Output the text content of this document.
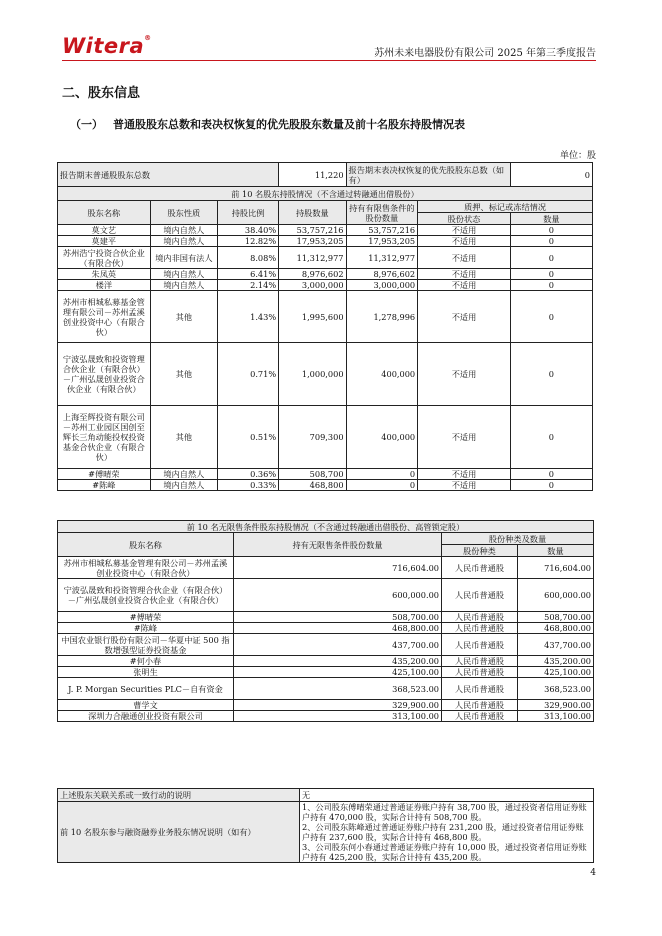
Witera®
苏州未来电器股份有限公司 2025 年第三季度报告
二、股东信息
（一） 普通股股东总数和表决权恢复的优先股股东数量及前十名股东持股情况表
单位：股
报告期末普通股股东总数			11,220	报告期末表决权恢复的优先股股东总数（如有）		0
前 10 名股东持股情况（不含通过转融通出借股份）						
股东名称	股东性质	持股比例	持股数量	持有有限售条件的股份数量	质押、标记或冻结情况	
					股份状态	数量
莫文艺	境内自然人	38.40%	53,757,216	53,757,216	不适用	0
莫建平	境内自然人	12.82%	17,953,205	17,953,205	不适用	0
苏州浩宁投资合伙企业（有限合伙）	境内非国有法人	8.08%	11,312,977	11,312,977	不适用	0
朱凤英	境内自然人	6.41%	8,976,602	8,976,602	不适用	0
楼洋	境内自然人	2.14%	3,000,000	3,000,000	不适用	0
苏州市相城私募基金管理有限公司－苏州孟溪创业投资中心（有限合伙）	其他	1.43%	1,995,600	1,278,996	不适用	0
宁波弘晟致和投资管理合伙企业（有限合伙）－广州弘晟创业投资合伙企业（有限合伙）	其他	0.71%	1,000,000	400,000	不适用	0
上海至辉投资有限公司－苏州工业园区国创至辉长三角动能投权投资基金合伙企业（有限合伙）	其他	0.51%	709,300	400,000	不适用	0
#傅晴荣	境内自然人	0.36%	508,700	0	不适用	0
#陈峰	境内自然人	0.33%	468,800	0	不适用	0
前 10 名无限售条件股东持股情况（不含通过转融通出借股份、高管锁定股）			
股东名称	持有无限售条件股份数量	股份种类及数量	
		股份种类	数量
苏州市相城私募基金管理有限公司－苏州孟溪创业投资中心（有限合伙）	716,604.00	人民币普通股	716,604.00
宁波弘晟致和投资管理合伙企业（有限合伙）－广州弘晟创业投资合伙企业（有限合伙）	600,000.00	人民币普通股	600,000.00
#傅晴荣	508,700.00	人民币普通股	508,700.00
#陈峰	468,800.00	人民币普通股	468,800.00
中国农业银行股份有限公司－华夏中证 500 指数增强型证券投资基金	437,700.00	人民币普通股	437,700.00
#何小春	435,200.00	人民币普通股	435,200.00
张明生	425,100.00	人民币普通股	425,100.00
J. P. Morgan Securities PLC－自有资金	368,523.00	人民币普通股	368,523.00
曹学文	329,900.00	人民币普通股	329,900.00
深圳力合融通创业投资有限公司	313,100.00	人民币普通股	313,100.00
上述股东关联关系或一致行动的说明	无
前 10 名股东参与融资融券业务股东情况说明（如有）	1、公司股东傅晴荣通过普通证券账户持有 38,700 股，通过投资者信用证券账户持有 470,000 股，实际合计持有 508,700 股。
2、公司股东陈峰通过普通证券账户持有 231,200 股，通过投资者信用证券账户持有 237,600 股，实际合计持有 468,800 股。
3、公司股东何小春通过普通证券账户持有 10,000 股，通过投资者信用证券账户持有 425,200 股，实际合计持有 435,200 股。
4
